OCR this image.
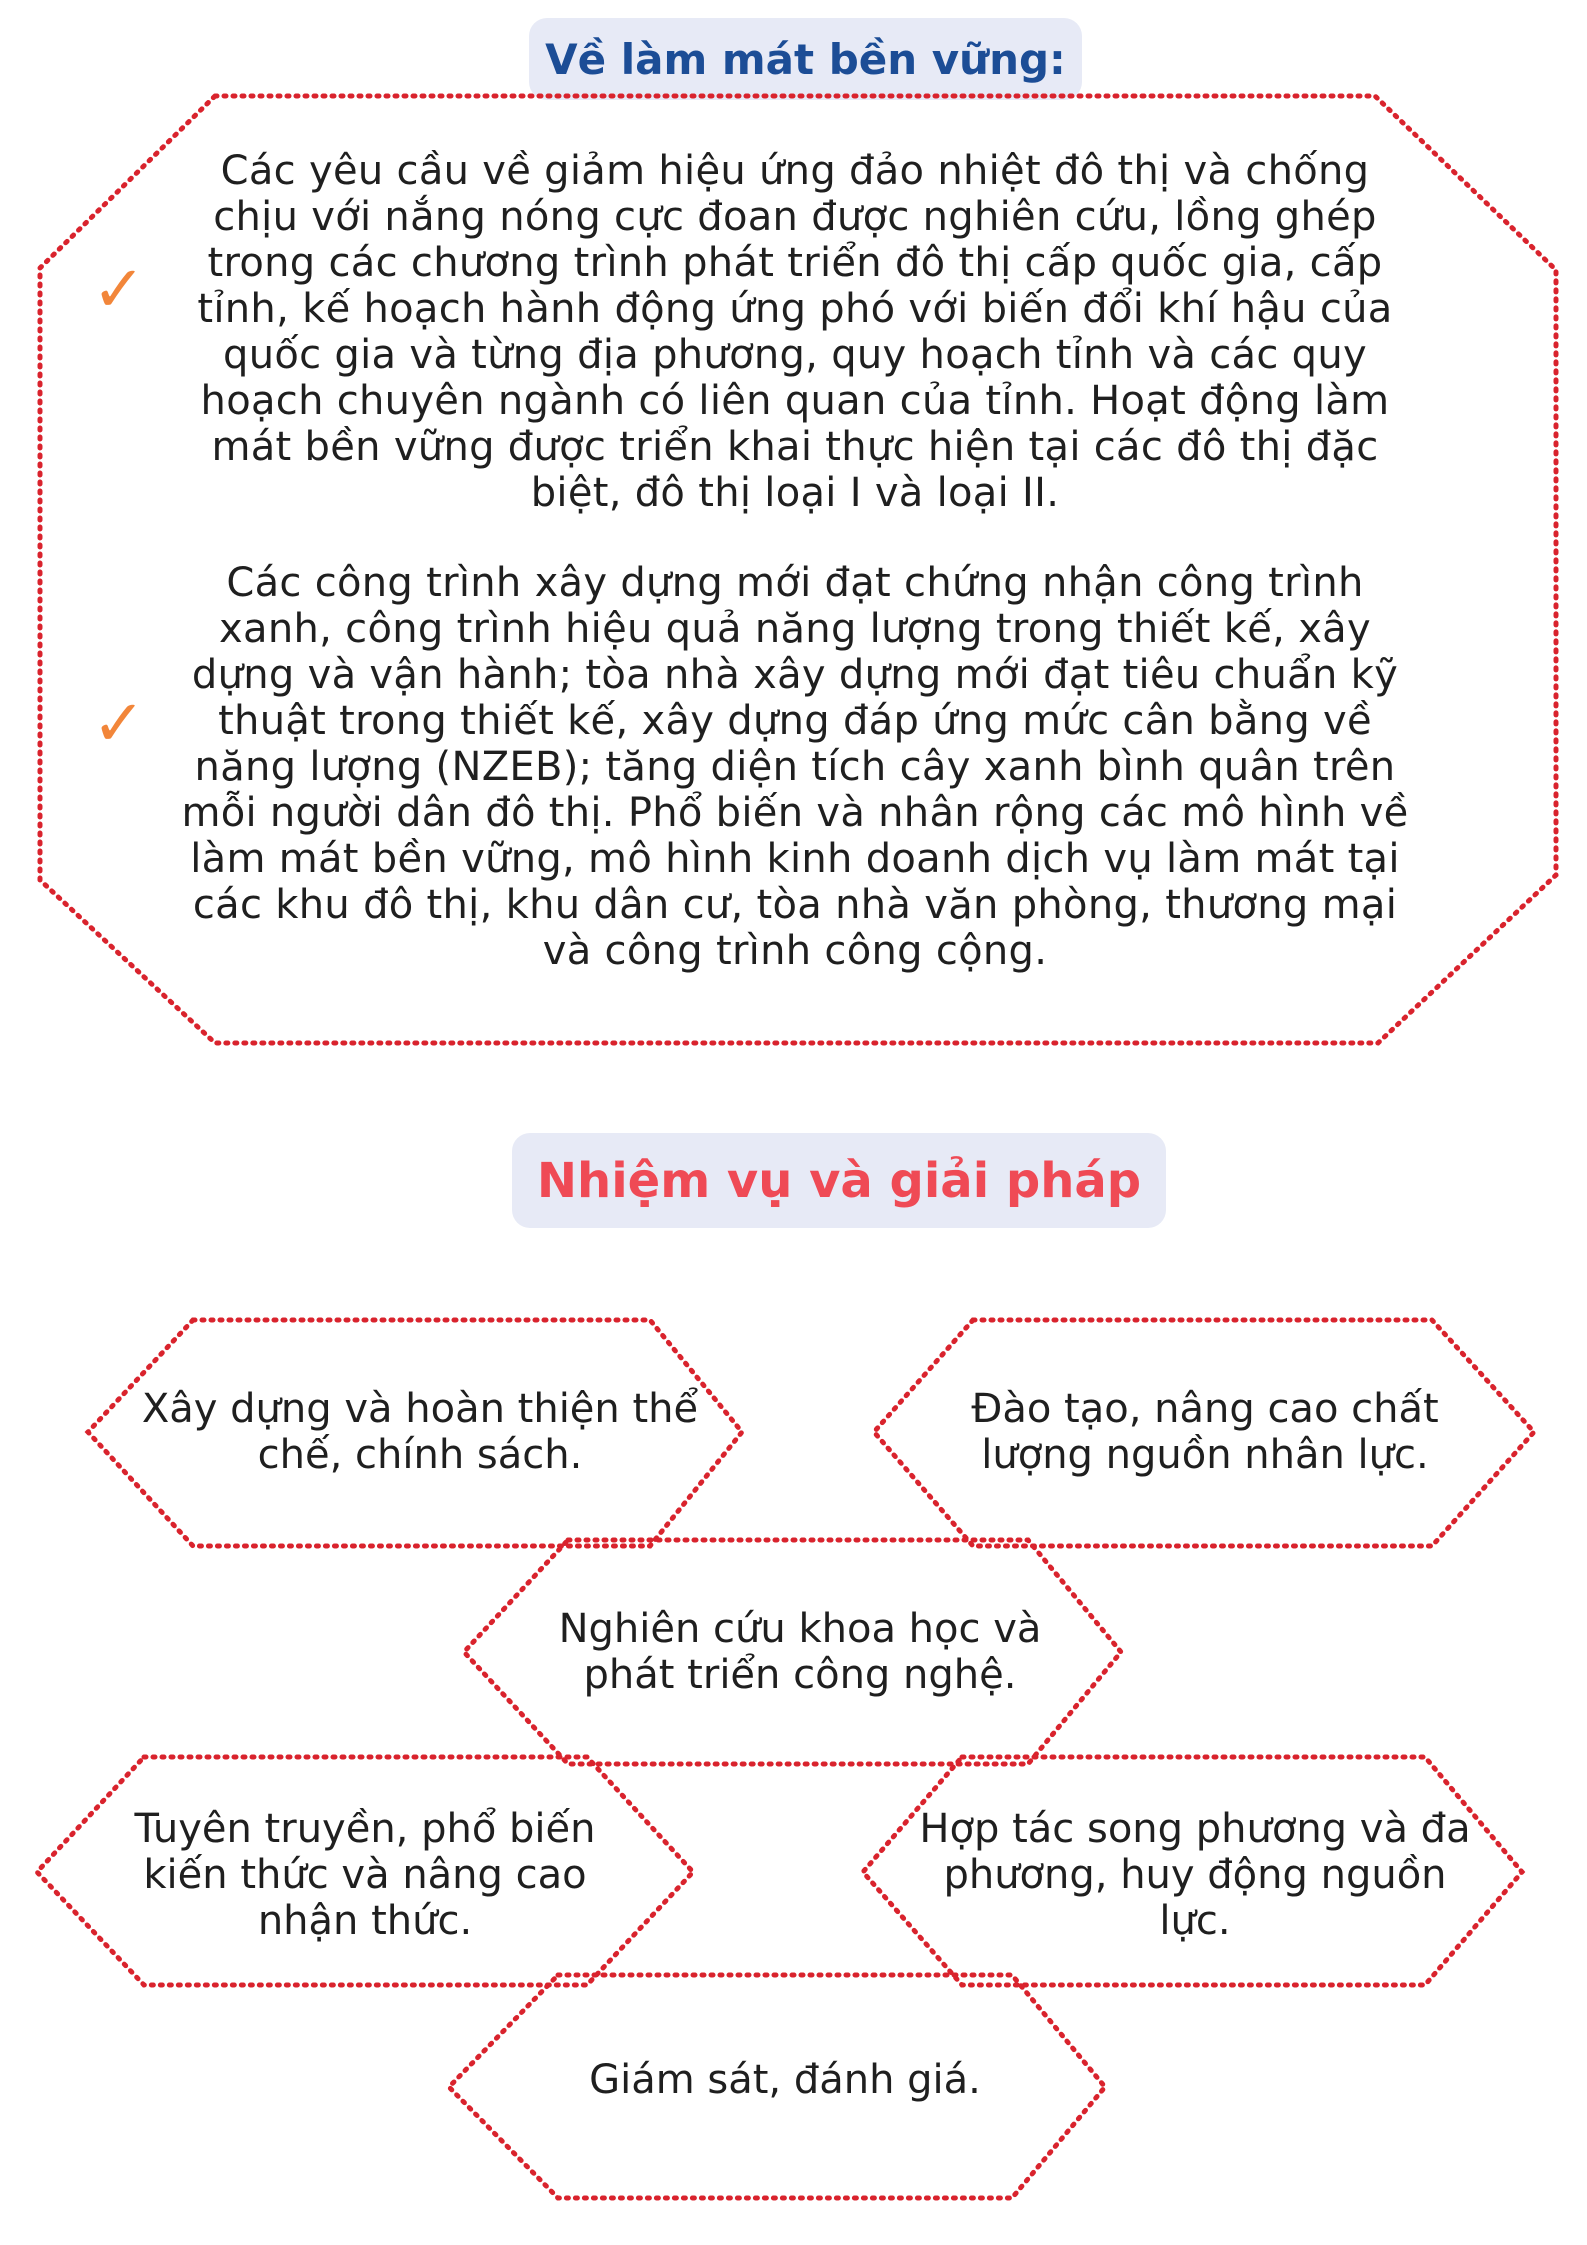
Về làm mát bền vững:
✓
Các yêu cầu về giảm hiệu ứng đảo nhiệt đô thị và chống chịu với nắng nóng cực đoan được nghiên cứu, lồng ghép trong các chương trình phát triển đô thị cấp quốc gia, cấp tỉnh, kế hoạch hành động ứng phó với biến đổi khí hậu của quốc gia và từng địa phương, quy hoạch tỉnh và các quy hoạch chuyên ngành có liên quan của tỉnh. Hoạt động làm mát bền vững được triển khai thực hiện tại các đô thị đặc biệt, đô thị loại I và loại II.
✓
Các công trình xây dựng mới đạt chứng nhận công trình xanh, công trình hiệu quả năng lượng trong thiết kế, xây dựng và vận hành; tòa nhà xây dựng mới đạt tiêu chuẩn kỹ thuật trong thiết kế, xây dựng đáp ứng mức cân bằng về năng lượng (NZEB); tăng diện tích cây xanh bình quân trên mỗi người dân đô thị. Phổ biến và nhân rộng các mô hình về làm mát bền vững, mô hình kinh doanh dịch vụ làm mát tại các khu đô thị, khu dân cư, tòa nhà văn phòng, thương mại và công trình công cộng.
Nhiệm vụ và giải pháp
Xây dựng và hoàn thiện thể chế, chính sách.
Đào tạo, nâng cao chất lượng nguồn nhân lực.
Nghiên cứu khoa học và phát triển công nghệ.
Tuyên truyền, phổ biến kiến thức và nâng cao nhận thức.
Hợp tác song phương và đa phương, huy động nguồn lực.
Giám sát, đánh giá.
